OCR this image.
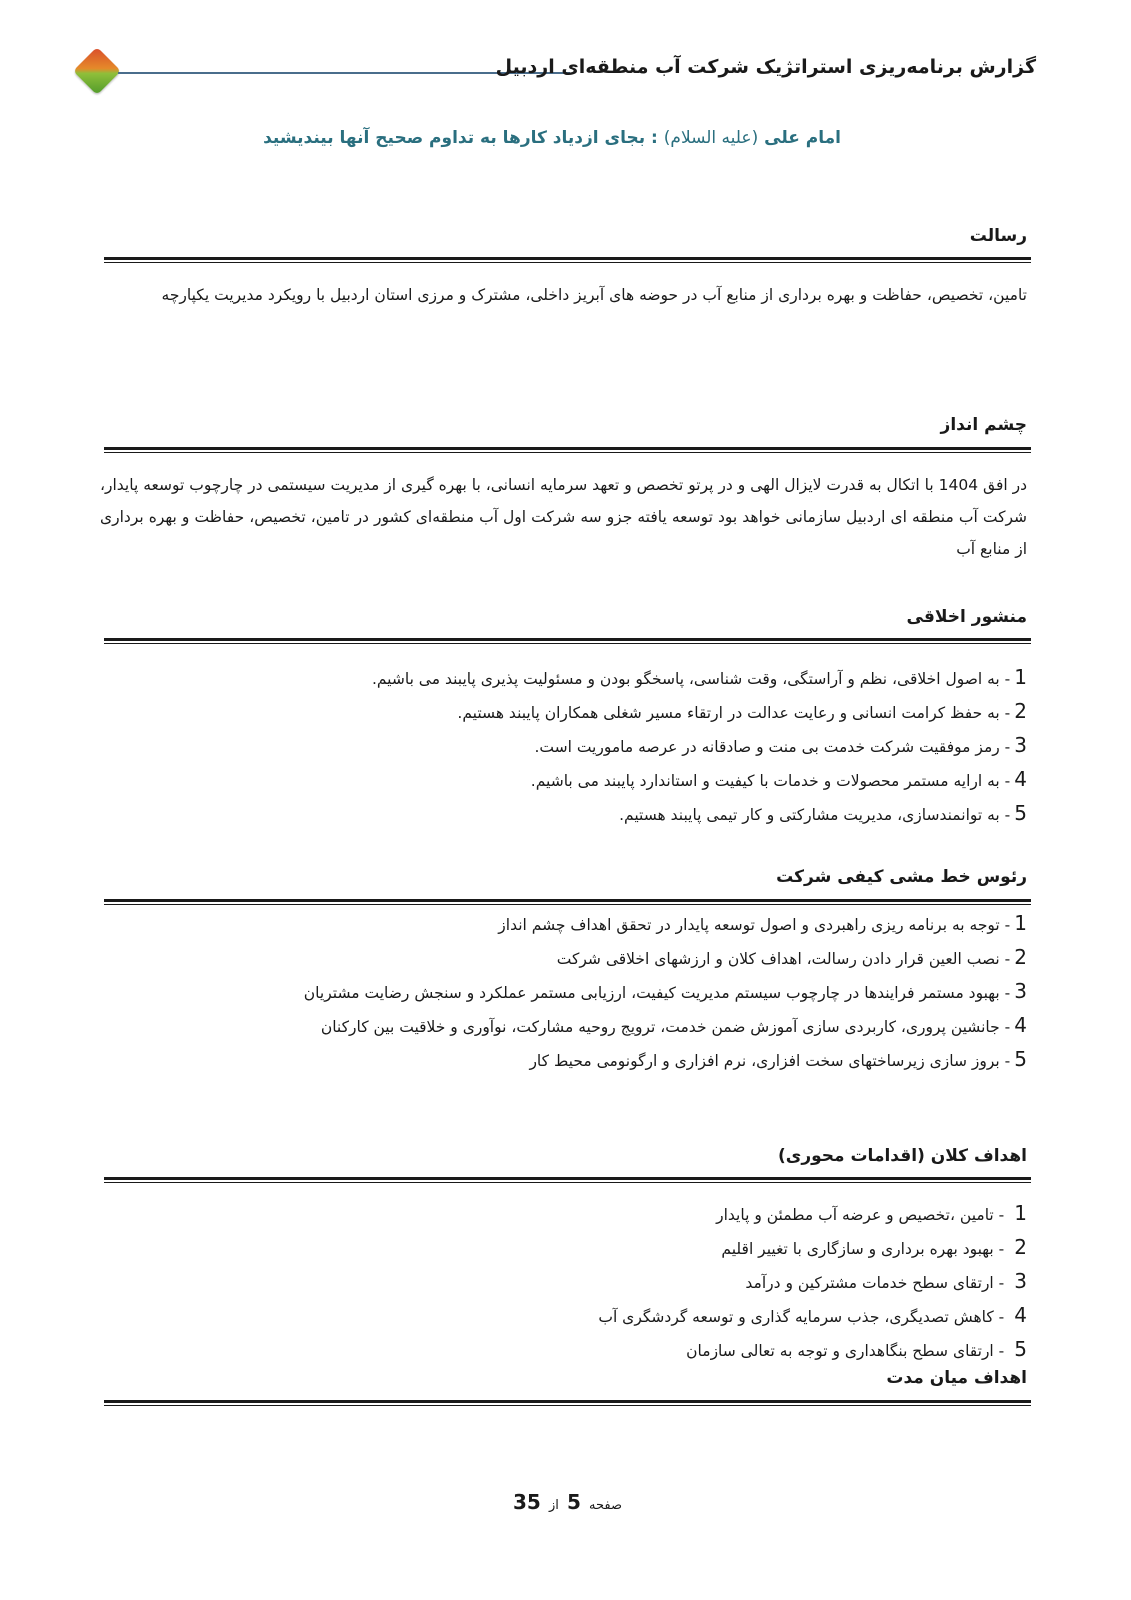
گزارش برنامه‌ریزی استراتژیک شرکت آب منطقه‌ای اردبیل
امام علی (علیه السلام) : بجای ازدیاد کارها به تداوم صحیح آنها بیندیشید
رسالت
تامین، تخصیص، حفاظت و بهره برداری از منابع آب در حوضه های آبریز داخلی، مشترک و مرزی استان اردبیل با رویکرد مدیریت یکپارچه
چشم انداز
در افق 1404 با اتکال به قدرت لایزال الهی و در پرتو تخصص و تعهد سرمایه انسانی، با بهره گیری از مدیریت سیستمی در چارچوب توسعه پایدار، شرکت آب منطقه ای اردبیل سازمانی خواهد بود توسعه یافته جزو سه شرکت اول آب منطقه‌ای کشور در تامین، تخصیص، حفاظت و بهره برداری از منابع آب
منشور اخلاقی
1- به اصول اخلاقی، نظم و آراستگی، وقت شناسی، پاسخگو بودن و مسئولیت پذیری پایبند می باشیم.
2- به حفظ کرامت انسانی و رعایت عدالت در ارتقاء مسیر شغلی همکاران پایبند هستیم.
3- رمز موفقیت شرکت خدمت بی منت و صادقانه در عرصه ماموریت است.
4- به ارایه مستمر محصولات و خدمات با کیفیت و استاندارد پایبند می باشیم.
5- به توانمندسازی، مدیریت مشارکتی و کار تیمی پایبند هستیم.
رئوس خط مشی کیفی شرکت
1- توجه به برنامه ریزی راهبردی و اصول توسعه پایدار در تحقق اهداف چشم انداز
2- نصب العین قرار دادن رسالت، اهداف کلان و ارزشهای اخلاقی شرکت
3- بهبود مستمر فرایندها در چارچوب سیستم مدیریت کیفیت، ارزیابی مستمر عملکرد و سنجش رضایت مشتریان
4- جانشین پروری، کاربردی سازی آموزش ضمن خدمت، ترویج روحیه مشارکت، نوآوری و خلاقیت بین کارکنان
5- بروز سازی زیرساختهای سخت افزاری، نرم افزاری و ارگونومی محیط کار
اهداف کلان (اقدامات محوری)
1- تامین ،تخصیص و عرضه آب مطمئن و پایدار
2- بهبود بهره برداری و سازگاری با تغییر اقلیم
3- ارتقای سطح خدمات مشترکین و درآمد
4- کاهش تصدیگری، جذب سرمایه گذاری و توسعه گردشگری آب
5- ارتقای سطح بنگاهداری و توجه به تعالی سازمان
اهداف میان مدت
صفحه 5 از 35
